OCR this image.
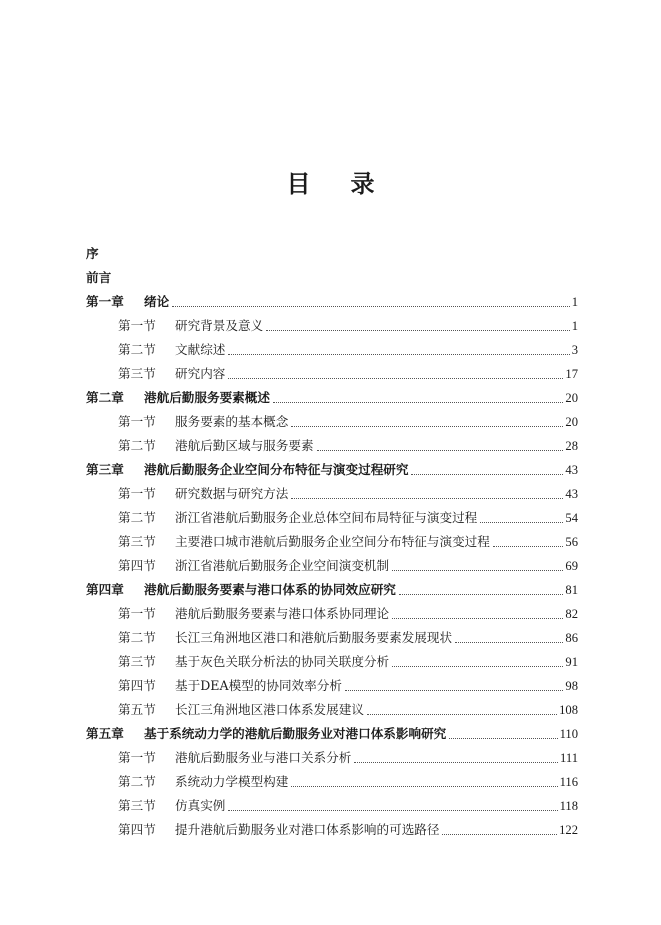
目 录
序
前言
第一章 绪论	1
第一节 研究背景及意义	1
第二节 文献综述	3
第三节 研究内容	17
第二章 港航后勤服务要素概述	20
第一节 服务要素的基本概念	20
第二节 港航后勤区域与服务要素	28
第三章 港航后勤服务企业空间分布特征与演变过程研究	43
第一节 研究数据与研究方法	43
第二节 浙江省港航后勤服务企业总体空间布局特征与演变过程	54
第三节 主要港口城市港航后勤服务企业空间分布特征与演变过程	56
第四节 浙江省港航后勤服务企业空间演变机制	69
第四章 港航后勤服务要素与港口体系的协同效应研究	81
第一节 港航后勤服务要素与港口体系协同理论	82
第二节 长江三角洲地区港口和港航后勤服务要素发展现状	86
第三节 基于灰色关联分析法的协同关联度分析	91
第四节 基于DEA模型的协同效率分析	98
第五节 长江三角洲地区港口体系发展建议	108
第五章 基于系统动力学的港航后勤服务业对港口体系影响研究	110
第一节 港航后勤服务业与港口关系分析	111
第二节 系统动力学模型构建	116
第三节 仿真实例	118
第四节 提升港航后勤服务业对港口体系影响的可选路径	122
